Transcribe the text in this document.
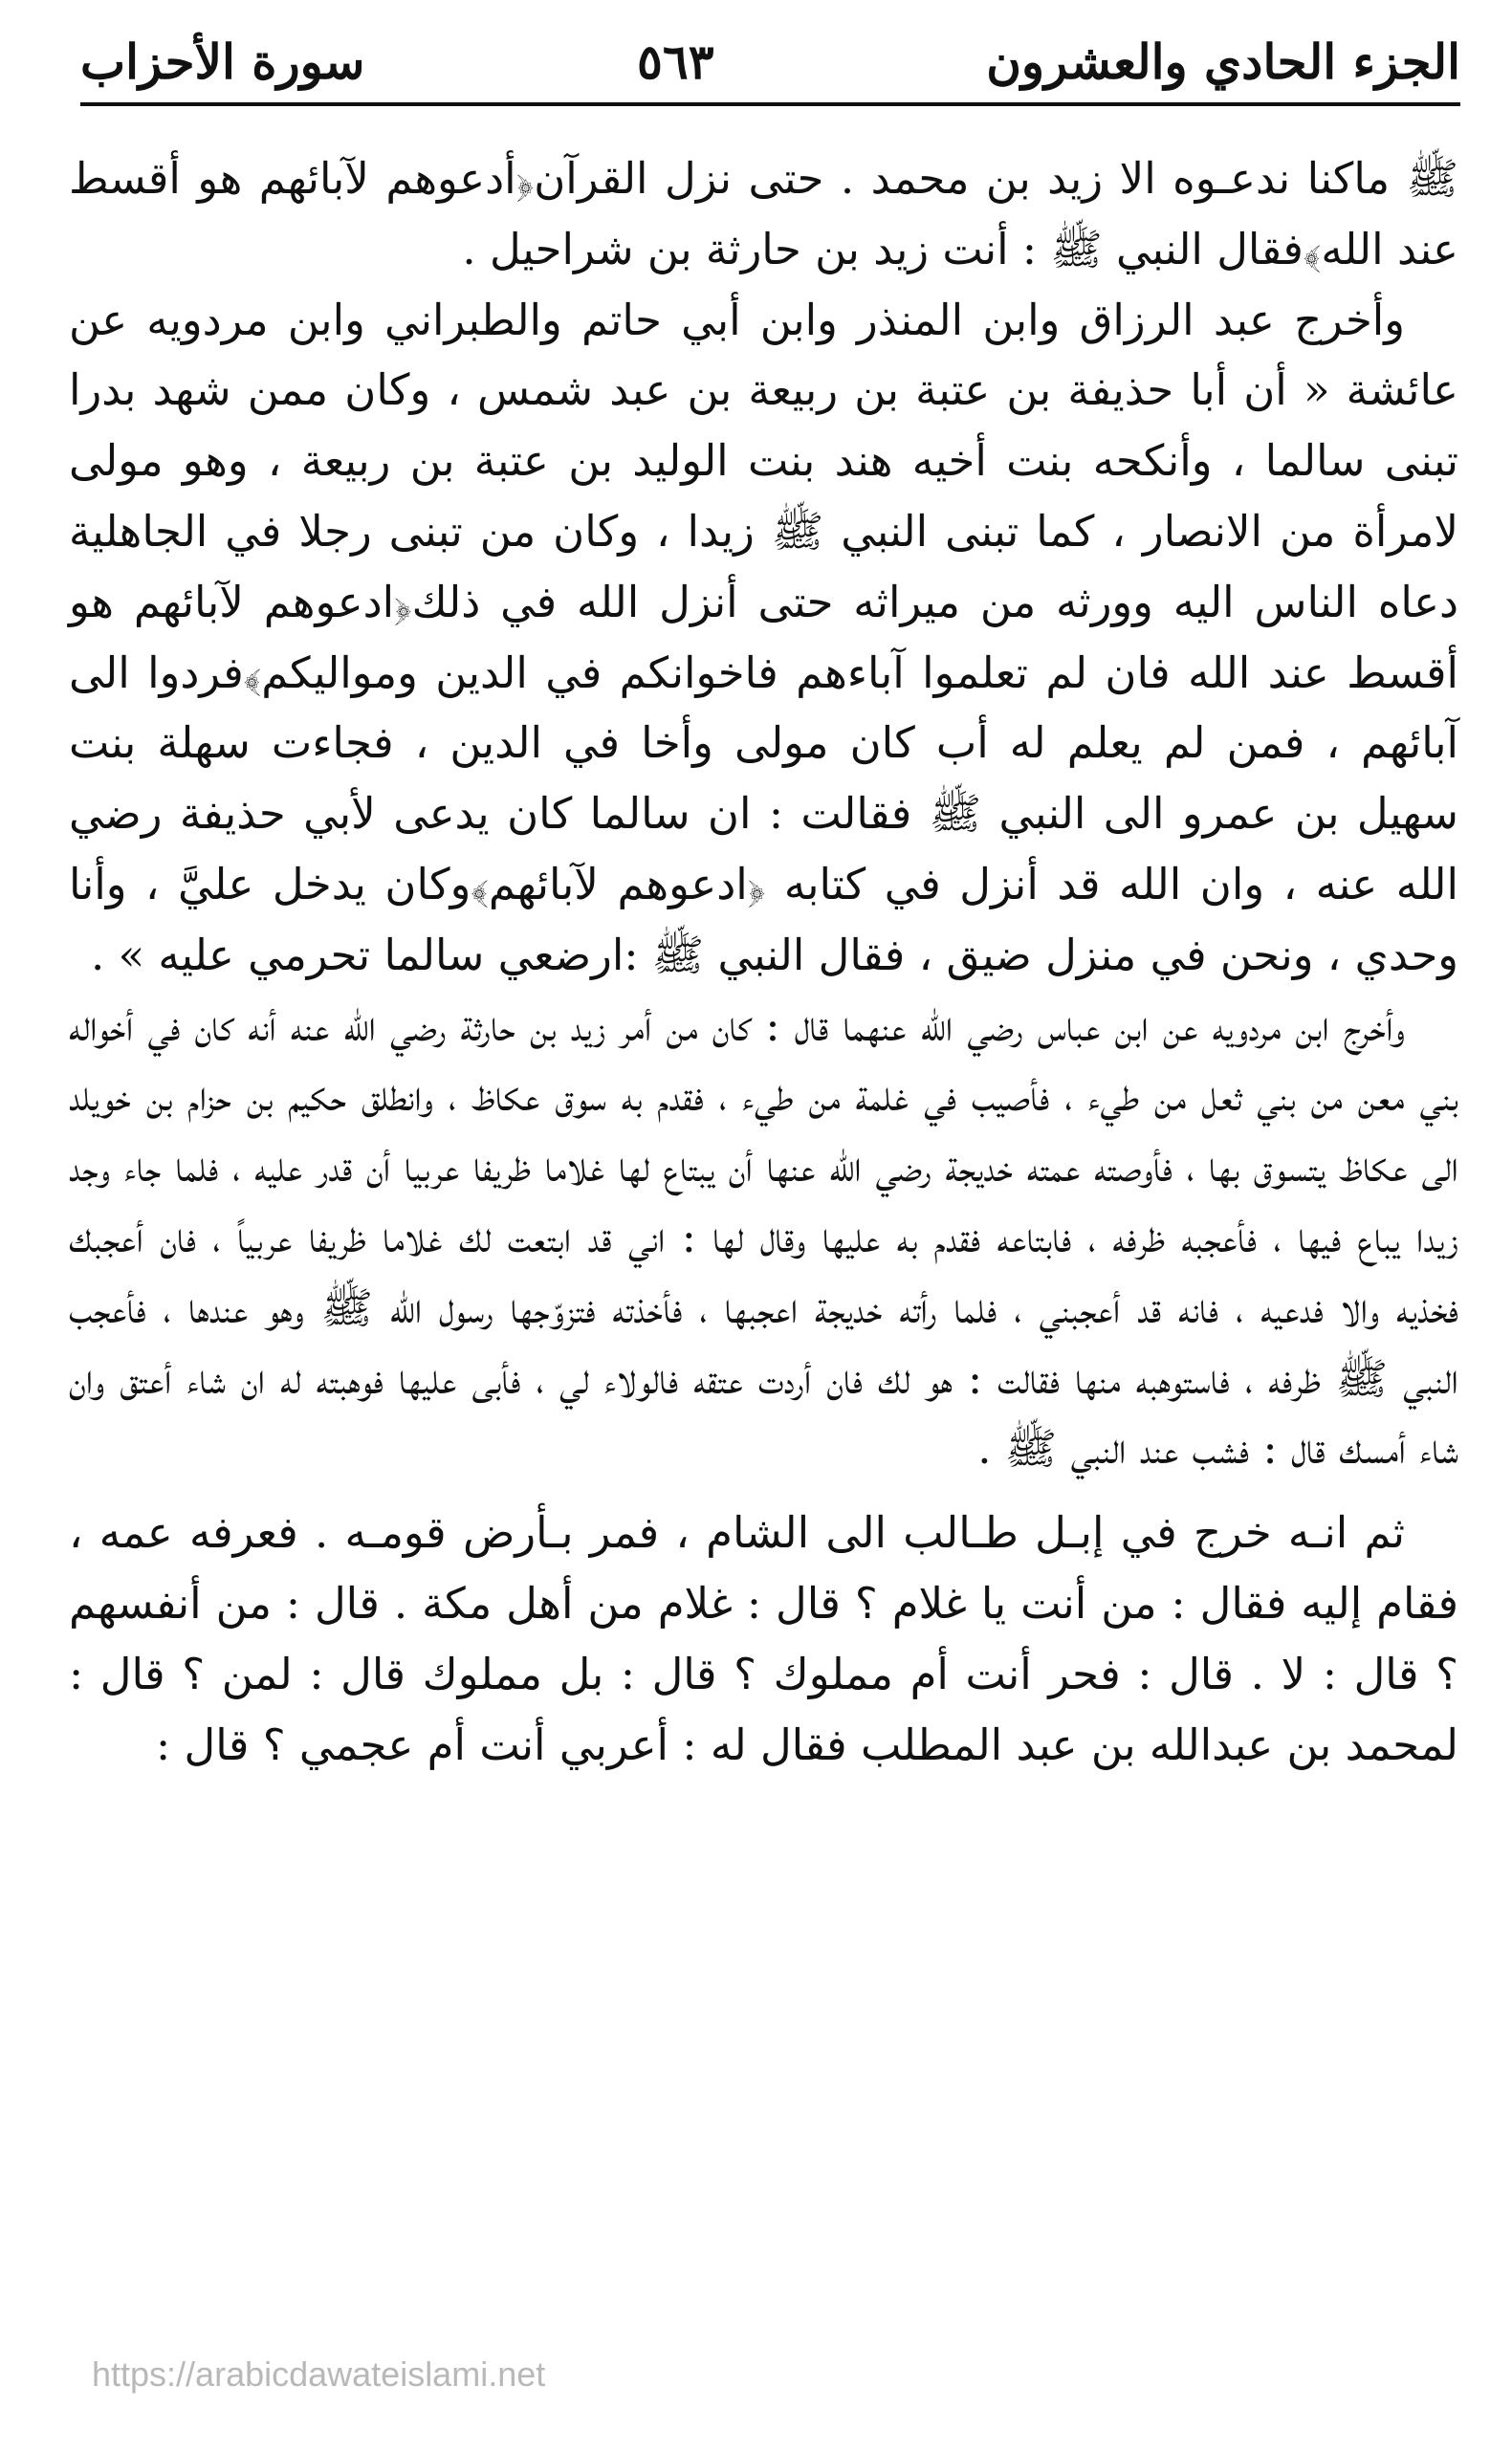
الجزء الحادي والعشرون
٥٦٣
سورة الأحزاب

ﷺ ماكنا ندعـوه الا زيد بن محمد . حتى نزل القرآن﴿أدعوهم لآبائهم هو أقسط عند الله﴾فقال النبي ﷺ : أنت زيد بن حارثة بن شراحيل .

وأخرج عبد الرزاق وابن المنذر وابن أبي حاتم والطبراني وابن مردويه عن عائشة « أن أبا حذيفة بن عتبة بن ربيعة بن عبد شمس ، وكان ممن شهد بدرا تبنى سالما ، وأنكحه بنت أخيه هند بنت الوليد بن عتبة بن ربيعة ، وهو مولى لامرأة من الانصار ، كما تبنى النبي ﷺ زيدا ، وكان من تبنى رجلا في الجاهلية دعاه الناس اليه وورثه من ميراثه حتى أنزل الله في ذلك﴿ادعوهم لآبائهم هو أقسط عند الله فان لم تعلموا آباءهم فاخوانكم في الدين ومواليكم﴾فردوا الى آبائهم ، فمن لم يعلم له أب كان مولى وأخا في الدين ، فجاءت سهلة بنت سهيل بن عمرو الى النبي ﷺ فقالت : ان سالما كان يدعى لأبي حذيفة رضي الله عنه ، وان الله قد أنزل في كتابه ﴿ادعوهم لآبائهم﴾وكان يدخل عليَّ ، وأنا وحدي ، ونحن في منزل ضيق ، فقال النبي ﷺ :ارضعي سالما تحرمي عليه » .

وأخرج ابن مردويه عن ابن عباس رضي الله عنهما قال : كان من أمر زيد بن حارثة رضي الله عنه أنه كان في أخواله بني معن من بني ثعل من طيء ، فأصيب في غلمة من طيء ، فقدم به سوق عكاظ ، وانطلق حكيم بن حزام بن خويلد الى عكاظ يتسوق بها ، فأوصته عمته خديجة رضي الله عنها أن يبتاع لها غلاما ظريفا عربيا أن قدر عليه ، فلما جاء وجد زيدا يباع فيها ، فأعجبه ظرفه ، فابتاعه فقدم به عليها وقال لها : اني قد ابتعت لك غلاما ظريفا عربياً ، فان أعجبك فخذيه والا فدعيه ، فانه قد أعجبني ، فلما رأته خديجة اعجبها ، فأخذته فتزوّجها رسول الله ﷺ وهو عندها ، فأعجب النبي ﷺ ظرفه ، فاستوهبه منها فقالت : هو لك فان أردت عتقه فالولاء لي ، فأبى عليها فوهبته له ان شاء أعتق وان شاء أمسك قال : فشب عند النبي ﷺ .

ثم انـه خرج في إبـل طـالب الى الشام ، فمر بـأرض قومـه . فعرفه عمه ، فقام إليه فقال : من أنت يا غلام ؟ قال : غلام من أهل مكة . قال : من أنفسهم ؟ قال : لا . قال : فحر أنت أم مملوك ؟ قال : بل مملوك قال : لمن ؟ قال : لمحمد بن عبدالله بن عبد المطلب فقال له : أعربي أنت أم عجمي ؟ قال :

https://arabicdawateislami.net
